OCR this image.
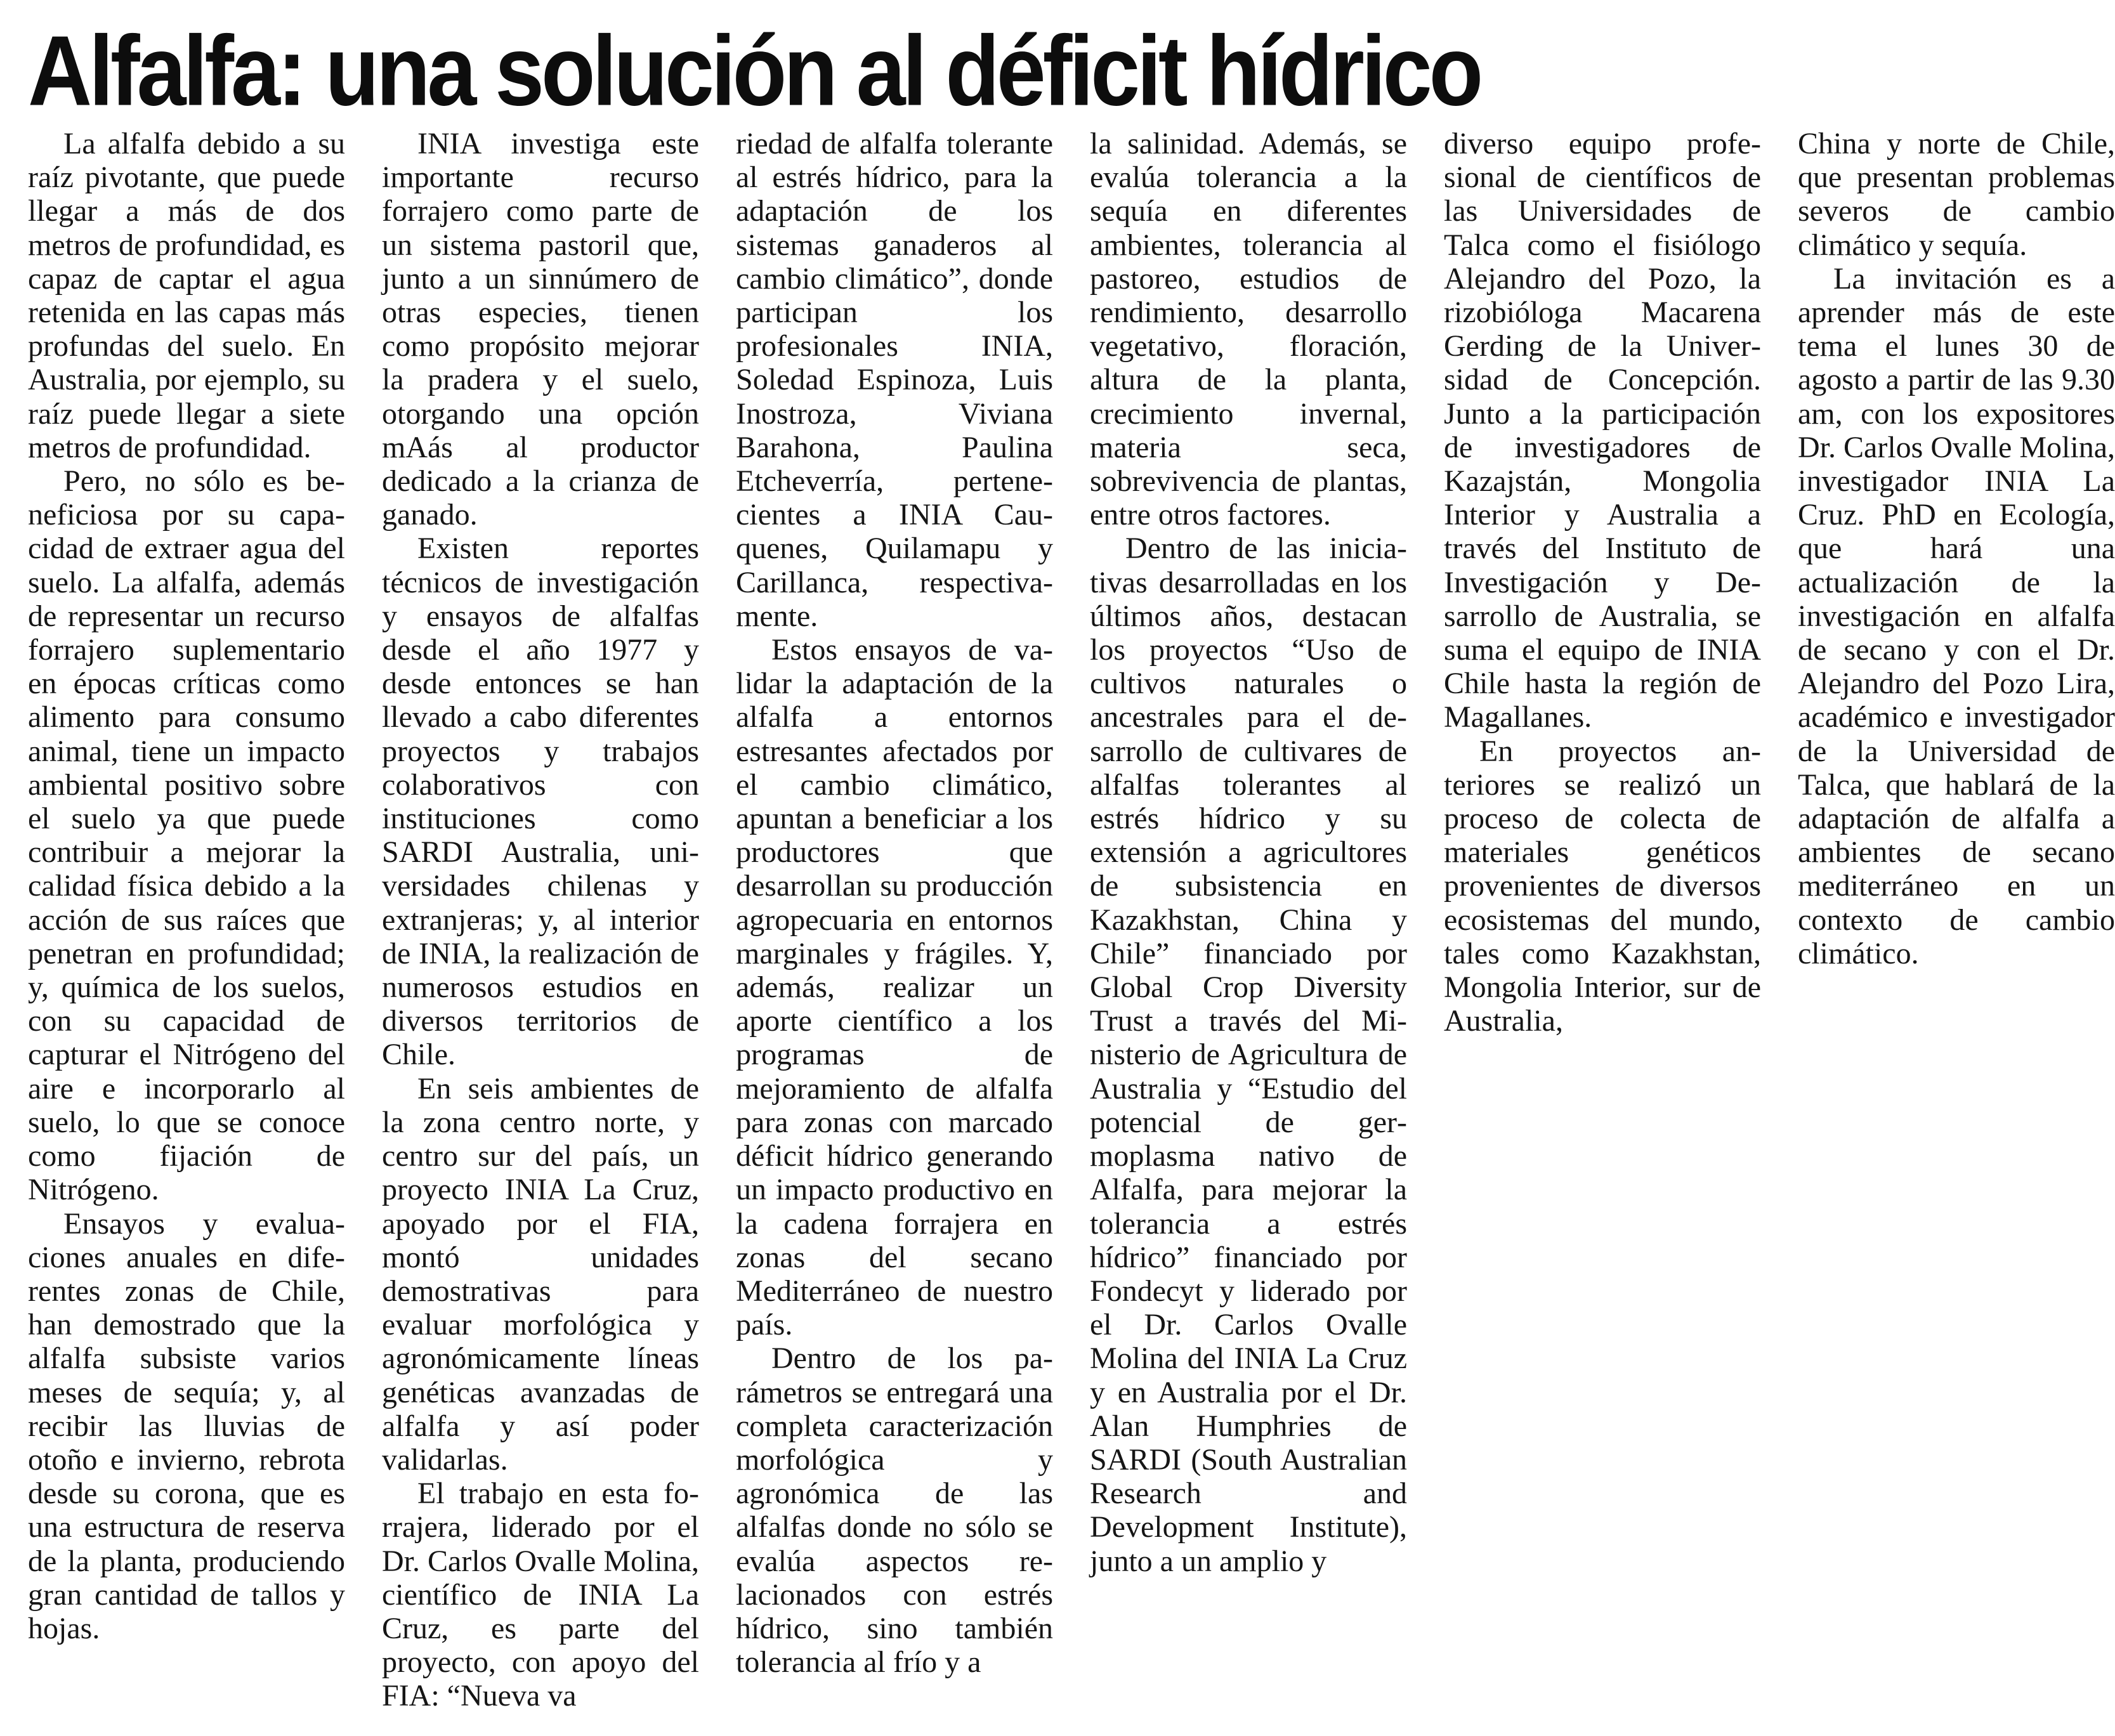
Alfalfa: una solución al déficit hídrico

La alfalfa debido a su raíz pivotante, que puede llegar a más de dos metros de profundidad, es capaz de captar el agua retenida en las capas más profundas del suelo. En Australia, por ejemplo, su raíz puede llegar a siete metros de profundidad.

Pero, no sólo es beneficiosa por su capacidad de extraer agua del suelo. La alfalfa, además de representar un recurso forrajero suplementario en épocas críticas como alimento para consumo animal, tiene un impacto ambiental positivo sobre el suelo ya que puede contribuir a mejorar la calidad física debido a la acción de sus raíces que penetran en profundidad; y, química de los suelos, con su capacidad de capturar el Nitrógeno del aire e incorporarlo al suelo, lo que se conoce como fijación de Nitrógeno.

Ensayos y evaluaciones anuales en diferentes zonas de Chile, han demostrado que la alfalfa subsiste varios meses de sequía; y, al recibir las lluvias de otoño e invierno, rebrota desde su corona, que es una estructura de reserva de la planta, produciendo gran cantidad de tallos y hojas.

INIA investiga este importante recurso forrajero como parte de un sistema pastoril que, junto a un sinnúmero de otras especies, tienen como propósito mejorar la pradera y el suelo, otorgando una opción mAás al productor dedicado a la crianza de ganado.

Existen reportes técnicos de investigación y ensayos de alfalfas desde el año 1977 y desde entonces se han llevado a cabo diferentes proyectos y trabajos colaborativos con instituciones como SARDI Australia, universidades chilenas y extranjeras; y, al interior de INIA, la realización de numerosos estudios en diversos territorios de Chile.

En seis ambientes de la zona centro norte, y centro sur del país, un proyecto INIA La Cruz, apoyado por el FIA, montó unidades demostrativas para evaluar morfológica y agronómicamente líneas genéticas avanzadas de alfalfa y así poder validarlas.

El trabajo en esta forrajera, liderado por el Dr. Carlos Ovalle Molina, científico de INIA La Cruz, es parte del proyecto, con apoyo del FIA: “Nueva va

riedad de alfalfa tolerante al estrés hídrico, para la adaptación de los sistemas ganaderos al cambio climático”, donde participan los profesionales INIA, Soledad Espinoza, Luis Inostroza, Viviana Barahona, Paulina Etcheverría, pertenecientes a INIA Cauquenes, Quilamapu y Carillanca, respectivamente.

Estos ensayos de validar la adaptación de la alfalfa a entornos estresantes afectados por el cambio climático, apuntan a beneficiar a los productores que desarrollan su producción agropecuaria en entornos marginales y frágiles. Y, además, realizar un aporte científico a los programas de mejoramiento de alfalfa para zonas con marcado déficit hídrico generando un impacto productivo en la cadena forrajera en zonas del secano Mediterráneo de nuestro país.

Dentro de los parámetros se entregará una completa caracterización morfológica y agronómica de las alfalfas donde no sólo se evalúa aspectos relacionados con estrés hídrico, sino también tolerancia al frío y a

la salinidad. Además, se evalúa tolerancia a la sequía en diferentes ambientes, tolerancia al pastoreo, estudios de rendimiento, desarrollo vegetativo, floración, altura de la planta, crecimiento invernal, materia seca, sobrevivencia de plantas, entre otros factores.

Dentro de las iniciativas desarrolladas en los últimos años, destacan los proyectos “Uso de cultivos naturales o ancestrales para el desarrollo de cultivares de alfalfas tolerantes al estrés hídrico y su extensión a agricultores de subsistencia en Kazakhstan, China y Chile” financiado por Global Crop Diversity Trust a través del Ministerio de Agricultura de Australia y “Estudio del potencial de germoplasma nativo de Alfalfa, para mejorar la tolerancia a estrés hídrico” financiado por Fondecyt y liderado por el Dr. Carlos Ovalle Molina del INIA La Cruz y en Australia por el Dr. Alan Humphries de SARDI (South Australian Research and Development Institute), junto a un amplio y

diverso equipo profesional de científicos de las Universidades de Talca como el fisiólogo Alejandro del Pozo, la rizobióloga Macarena Gerding de la Universidad de Concepción. Junto a la participación de investigadores de Kazajstán, Mongolia Interior y Australia a través del Instituto de Investigación y Desarrollo de Australia, se suma el equipo de INIA Chile hasta la región de Magallanes.

En proyectos anteriores se realizó un proceso de colecta de materiales genéticos provenientes de diversos ecosistemas del mundo, tales como Kazakhstan, Mongolia Interior, sur de Australia,

China y norte de Chile, que presentan problemas severos de cambio climático y sequía.

La invitación es a aprender más de este tema el lunes 30 de agosto a partir de las 9.30 am, con los expositores Dr. Carlos Ovalle Molina, investigador INIA La Cruz. PhD en Ecología, que hará una actualización de la investigación en alfalfa de secano y con el Dr. Alejandro del Pozo Lira, académico e investigador de la Universidad de Talca, que hablará de la adaptación de alfalfa a ambientes de secano mediterráneo en un contexto de cambio climático.
